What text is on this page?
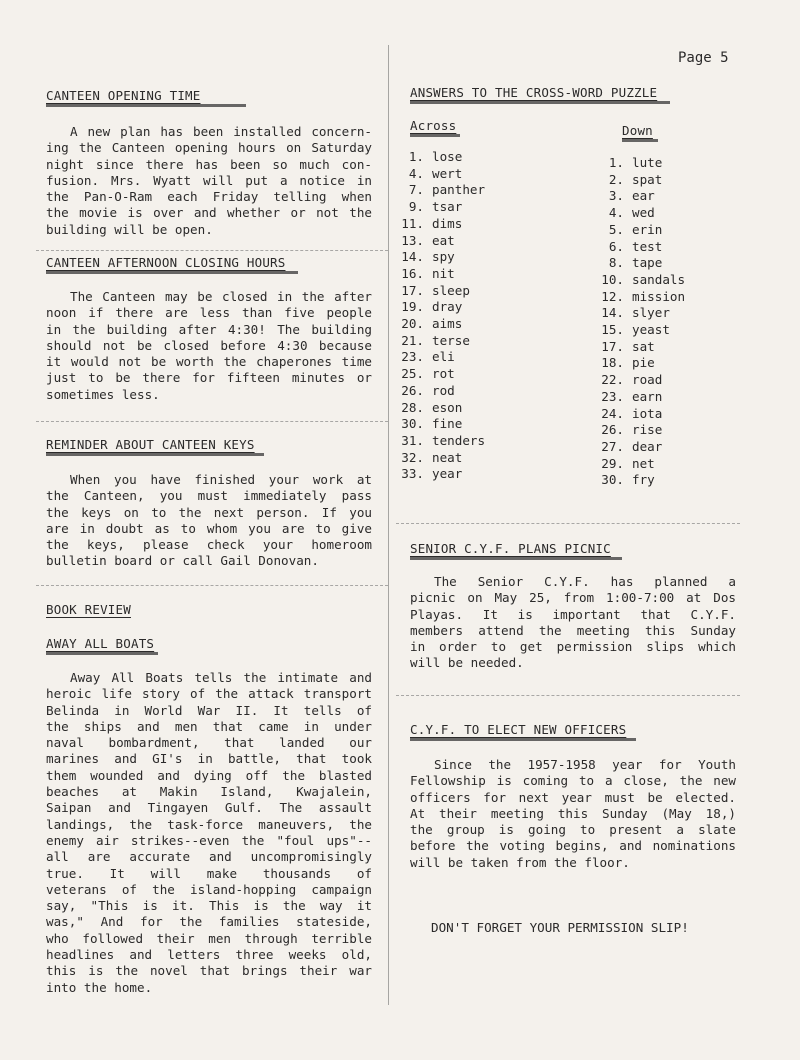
Page 5
CANTEEN OPENING TIME
A new plan has been installed concern-
ing the Canteen opening hours on Saturday
night since there has been so much con-
fusion. Mrs. Wyatt will put a notice in
the Pan-O-Ram each Friday telling when
the movie is over and whether or not the
building will be open.
CANTEEN AFTERNOON CLOSING HOURS
The Canteen may be closed in the after
noon if there are less than five people
in the building after 4:30! The building
should not be closed before 4:30 because
it would not be worth the chaperones time
just to be there for fifteen minutes or
sometimes less.
REMINDER ABOUT CANTEEN KEYS
When you have finished your work at
the Canteen, you must immediately pass
the keys on to the next person. If you
are in doubt as to whom you are to give
the keys, please check your homeroom
bulletin board or call Gail Donovan.
BOOK REVIEW
AWAY ALL BOATS
Away All Boats tells the intimate and
heroic life story of the attack transport
Belinda in World War II. It tells of
the ships and men that came in under
naval bombardment, that landed our
marines and GI's in battle, that took
them wounded and dying off the blasted
beaches at Makin Island, Kwajalein,
Saipan and Tingayen Gulf. The assault
landings, the task-force maneuvers, the
enemy air strikes--even the "foul ups"--
all are accurate and uncompromisingly
true. It will make thousands of
veterans of the island-hopping campaign
say, "This is it. This is the way it
was," And for the families stateside,
who followed their men through terrible
headlines and letters three weeks old,
this is the novel that brings their war
into the home.
ANSWERS TO THE CROSS-WORD PUZZLE
Across	Down
1. lose
4. wert
7. panther
9. tsar
11. dims
13. eat
14. spy
16. nit
17. sleep
19. dray
20. aims
21. terse
23. eli
25. rot
26. rod
28. eson
30. fine
31. tenders
32. neat
33. year
1. lute
2. spat
3. ear
4. wed
5. erin
6. test
8. tape
10. sandals
12. mission
14. slyer
15. yeast
17. sat
18. pie
22. road
23. earn
24. iota
26. rise
27. dear
29. net
30. fry
SENIOR C.Y.F. PLANS PICNIC
The Senior C.Y.F. has planned a
picnic on May 25, from 1:00-7:00 at Dos
Playas. It is important that C.Y.F.
members attend the meeting this Sunday
in order to get permission slips which
will be needed.
C.Y.F. TO ELECT NEW OFFICERS
Since the 1957-1958 year for Youth
Fellowship is coming to a close, the new
officers for next year must be elected.
At their meeting this Sunday (May 18,)
the group is going to present a slate
before the voting begins, and nominations
will be taken from the floor.
DON'T FORGET YOUR PERMISSION SLIP!
